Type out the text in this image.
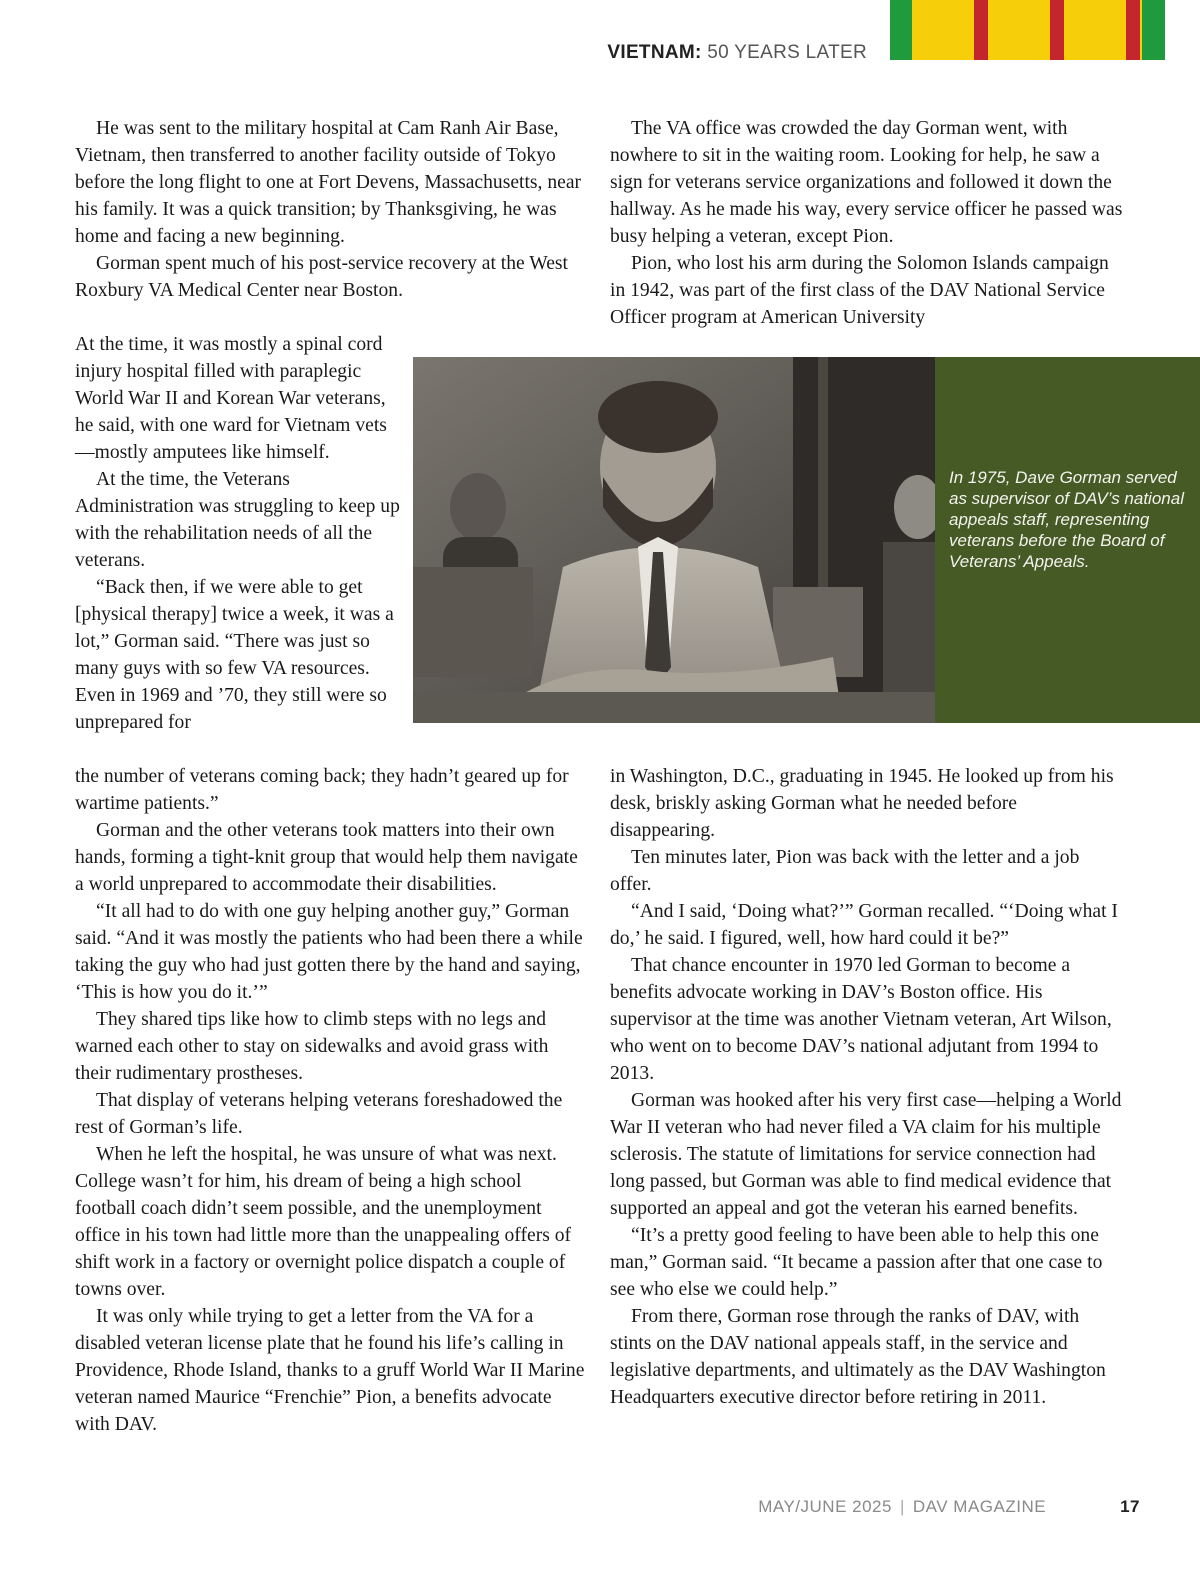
VIETNAM: 50 YEARS LATER

He was sent to the military hospital at Cam Ranh Air Base, Vietnam, then transferred to another facility outside of Tokyo before the long flight to one at Fort Devens, Massachusetts, near his family. It was a quick transition; by Thanksgiving, he was home and facing a new beginning.

Gorman spent much of his post-service recovery at the West Roxbury VA Medical Center near Boston.

At the time, it was mostly a spinal cord injury hospital filled with paraplegic World War II and Korean War veterans, he said, with one ward for Vietnam vets—mostly amputees like himself.

At the time, the Veterans Administration was struggling to keep up with the rehabilitation needs of all the veterans.

“Back then, if we were able to get [physical therapy] twice a week, it was a lot,” Gorman said. “There was just so many guys with so few VA resources. Even in 1969 and ’70, they still were so unprepared for

the number of veterans coming back; they hadn’t geared up for wartime patients.”

Gorman and the other veterans took matters into their own hands, forming a tight-knit group that would help them navigate a world unprepared to accommodate their disabilities.

“It all had to do with one guy helping another guy,” Gorman said. “And it was mostly the patients who had been there a while taking the guy who had just gotten there by the hand and saying, ‘This is how you do it.’”

They shared tips like how to climb steps with no legs and warned each other to stay on sidewalks and avoid grass with their rudimentary prostheses.

That display of veterans helping veterans foreshadowed the rest of Gorman’s life.

When he left the hospital, he was unsure of what was next. College wasn’t for him, his dream of being a high school football coach didn’t seem possible, and the unemployment office in his town had little more than the unappealing offers of shift work in a factory or overnight police dispatch a couple of towns over.

It was only while trying to get a letter from the VA for a disabled veteran license plate that he found his life’s calling in Providence, Rhode Island, thanks to a gruff World War II Marine veteran named Maurice “Frenchie” Pion, a benefits advocate with DAV.

The VA office was crowded the day Gorman went, with nowhere to sit in the waiting room. Looking for help, he saw a sign for veterans service organizations and followed it down the hallway. As he made his way, every service officer he passed was busy helping a veteran, except Pion.

Pion, who lost his arm during the Solomon Islands campaign in 1942, was part of the first class of the DAV National Service Officer program at American University

in Washington, D.C., graduating in 1945. He looked up from his desk, briskly asking Gorman what he needed before disappearing.

Ten minutes later, Pion was back with the letter and a job offer.

“And I said, ‘Doing what?’” Gorman recalled. “‘Doing what I do,’ he said. I figured, well, how hard could it be?”

That chance encounter in 1970 led Gorman to become a benefits advocate working in DAV’s Boston office. His supervisor at the time was another Vietnam veteran, Art Wilson, who went on to become DAV’s national adjutant from 1994 to 2013.

Gorman was hooked after his very first case—helping a World War II veteran who had never filed a VA claim for his multiple sclerosis. The statute of limitations for service connection had long passed, but Gorman was able to find medical evidence that supported an appeal and got the veteran his earned benefits.

“It’s a pretty good feeling to have been able to help this one man,” Gorman said. “It became a passion after that one case to see who else we could help.”

From there, Gorman rose through the ranks of DAV, with stints on the DAV national appeals staff, in the service and legislative departments, and ultimately as the DAV Washington Headquarters executive director before retiring in 2011.

In 1975, Dave Gorman served as supervisor of DAV’s national appeals staff, representing veterans before the Board of Veterans’ Appeals.

MAY/JUNE 2025 | DAV MAGAZINE	17
